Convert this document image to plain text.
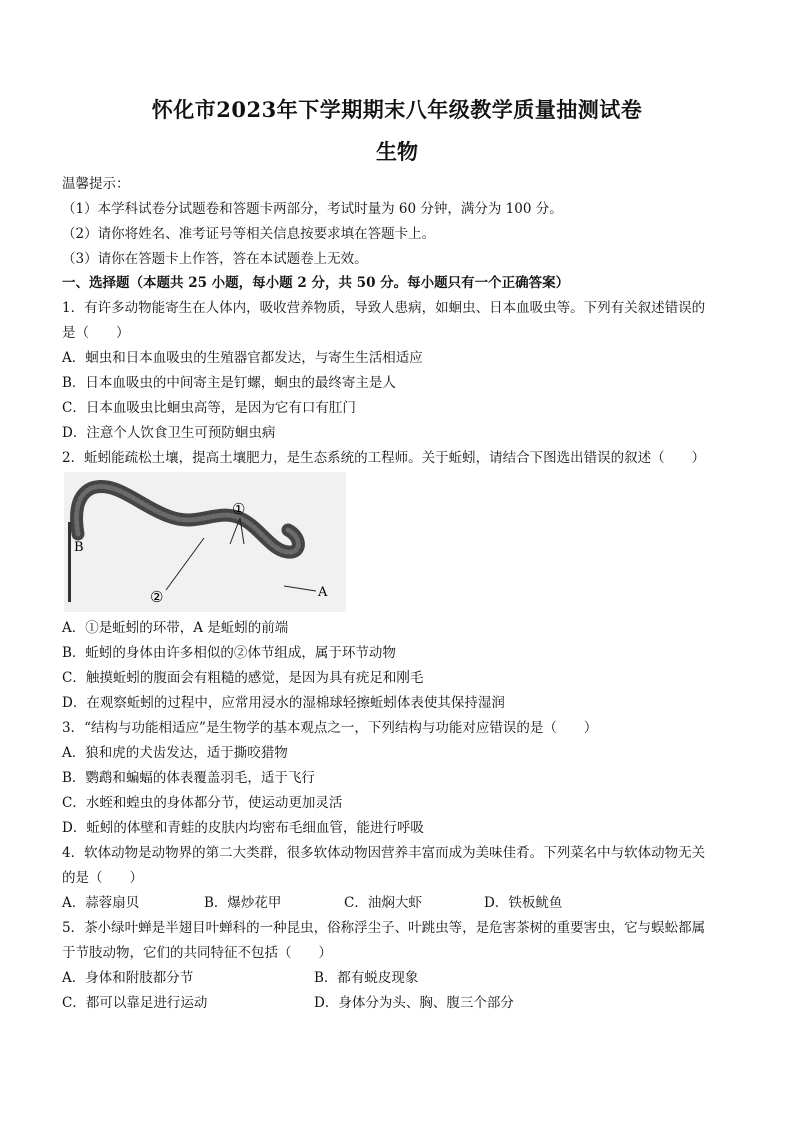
怀化市2023年下学期期末八年级教学质量抽测试卷
生物
温馨提示：
（1）本学科试卷分试题卷和答题卡两部分，考试时量为 60 分钟，满分为 100 分。
（2）请你将姓名、准考证号等相关信息按要求填在答题卡上。
（3）请你在答题卡上作答，答在本试题卷上无效。
一、选择题（本题共 25 小题，每小题 2 分，共 50 分。每小题只有一个正确答案）
1．有许多动物能寄生在人体内，吸收营养物质，导致人患病，如蛔虫、日本血吸虫等。下列有关叙述错误的
是（　　）
A．蛔虫和日本血吸虫的生殖器官都发达，与寄生生活相适应
B．日本血吸虫的中间寄主是钉螺，蛔虫的最终寄主是人
C．日本血吸虫比蛔虫高等，是因为它有口有肛门
D．注意个人饮食卫生可预防蛔虫病
2．蚯蚓能疏松土壤，提高土壤肥力，是生态系统的工程师。关于蚯蚓，请结合下图选出错误的叙述（　　）
B
A
①
②
A．①是蚯蚓的环带，A 是蚯蚓的前端
B．蚯蚓的身体由许多相似的②体节组成，属于环节动物
C．触摸蚯蚓的腹面会有粗糙的感觉，是因为具有疣足和刚毛
D．在观察蚯蚓的过程中，应常用浸水的湿棉球轻擦蚯蚓体表使其保持湿润
3．“结构与功能相适应”是生物学的基本观点之一，下列结构与功能对应错误的是（　　）
A．狼和虎的犬齿发达，适于撕咬猎物
B．鹦鹉和蝙蝠的体表覆盖羽毛，适于飞行
C．水蛭和蝗虫的身体都分节，使运动更加灵活
D．蚯蚓的体壁和青蛙的皮肤内均密布毛细血管，能进行呼吸
4．软体动物是动物界的第二大类群，很多软体动物因营养丰富而成为美味佳肴。下列菜名中与软体动物无关
的是（　　）
A．蒜蓉扇贝	B．爆炒花甲	C．油焖大虾	D．铁板鱿鱼
5．茶小绿叶蝉是半翅目叶蝉科的一种昆虫，俗称浮尘子、叶跳虫等，是危害茶树的重要害虫，它与蜈蚣都属
于节肢动物，它们的共同特征不包括（　　）
A．身体和附肢都分节	B．都有蜕皮现象
C．都可以靠足进行运动	D．身体分为头、胸、腹三个部分
